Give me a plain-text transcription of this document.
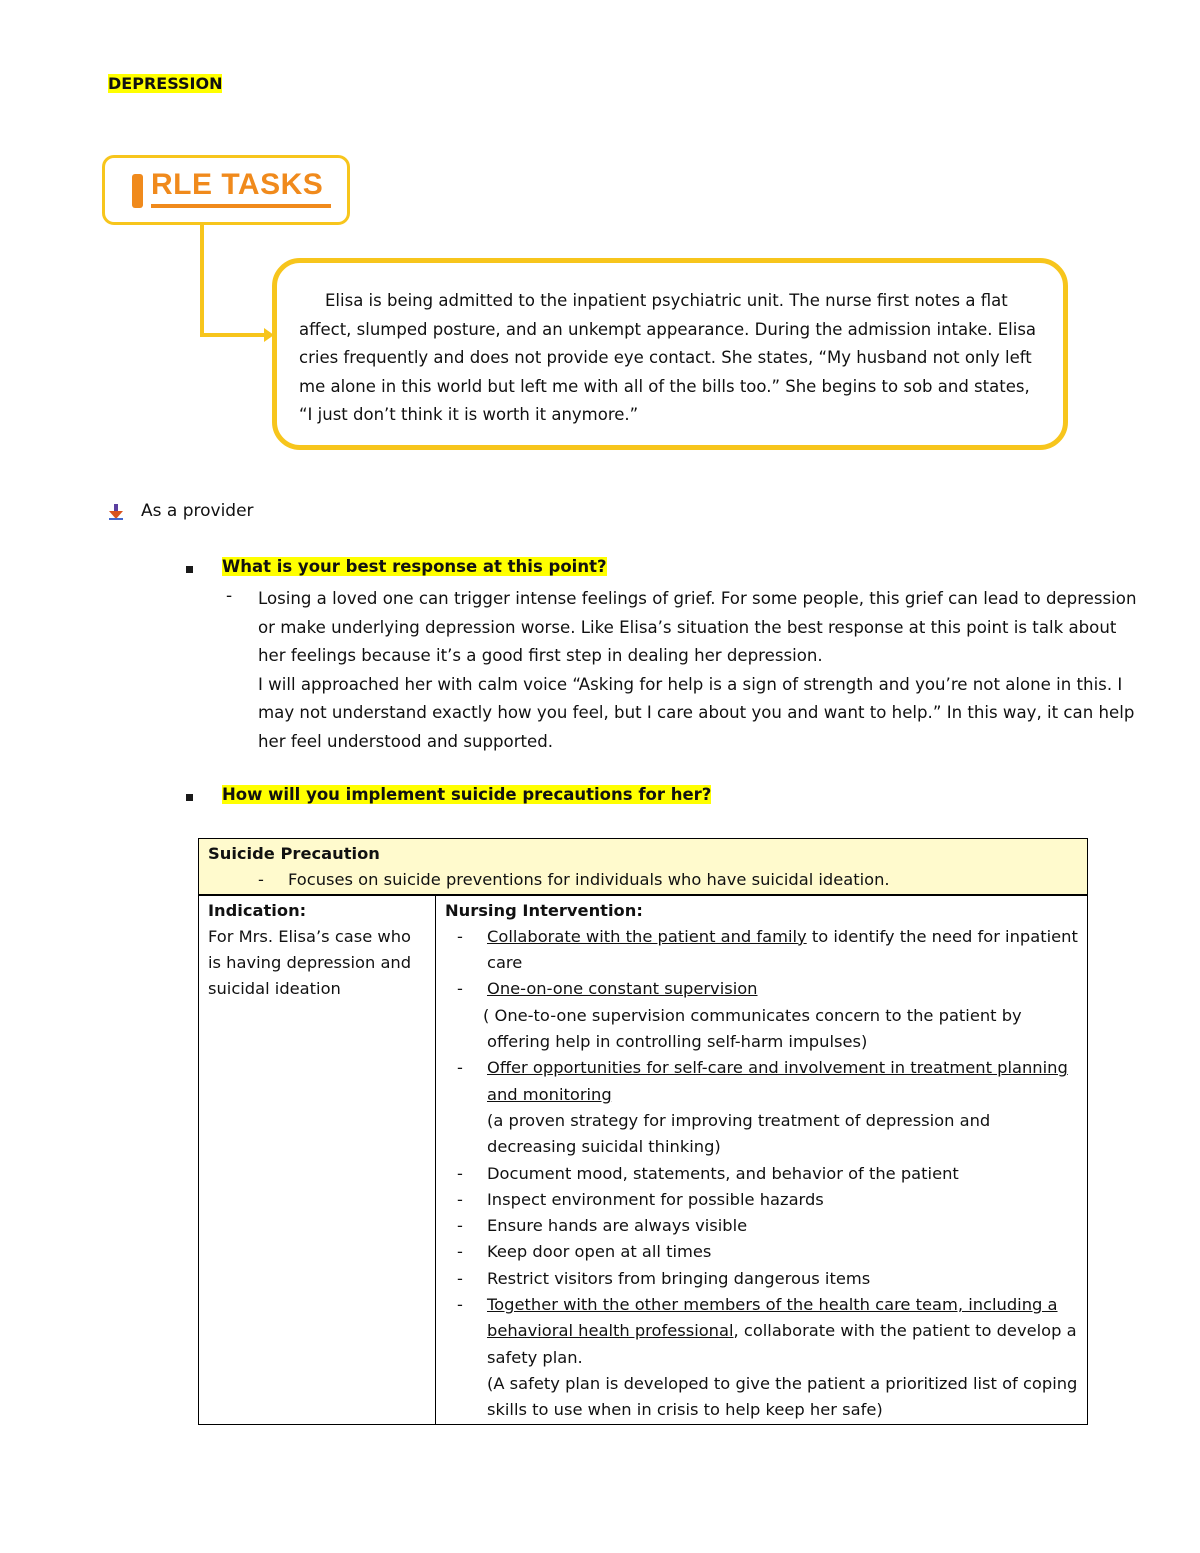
DEPRESSION
RLE TASKS
Elisa is being admitted to the inpatient psychiatric unit. The nurse first notes a flat affect, slumped posture, and an unkempt appearance. During the admission intake. Elisa cries frequently and does not provide eye contact. She states, “My husband not only left me alone in this world but left me with all of the bills too.” She begins to sob and states, “I just don’t think it is worth it anymore.”
As a provider
What is your best response at this point?
- Losing a loved one can trigger intense feelings of grief. For some people, this grief can lead to depression or make underlying depression worse. Like Elisa’s situation the best response at this point is talk about her feelings because it’s a good first step in dealing her depression.
I will approached her with calm voice “Asking for help is a sign of strength and you’re not alone in this. I may not understand exactly how you feel, but I care about you and want to help.” In this way, it can help her feel understood and supported.
How will you implement suicide precautions for her?
Suicide Precaution
-	Focuses on suicide preventions for individuals who have suicidal ideation.

Indication:
For Mrs. Elisa’s case who is having depression and suicidal ideation

Nursing Intervention:
-	Collaborate with the patient and family to identify the need for inpatient care
-	One-on-one constant supervision
( One-to-one supervision communicates concern to the patient by offering help in controlling self-harm impulses)
-	Offer opportunities for self-care and involvement in treatment planning and monitoring
(a proven strategy for improving treatment of depression and decreasing suicidal thinking)
-	Document mood, statements, and behavior of the patient
-	Inspect environment for possible hazards
-	Ensure hands are always visible
-	Keep door open at all times
-	Restrict visitors from bringing dangerous items
-	Together with the other members of the health care team, including a behavioral health professional, collaborate with the patient to develop a safety plan.
(A safety plan is developed to give the patient a prioritized list of coping skills to use when in crisis to help keep her safe)
